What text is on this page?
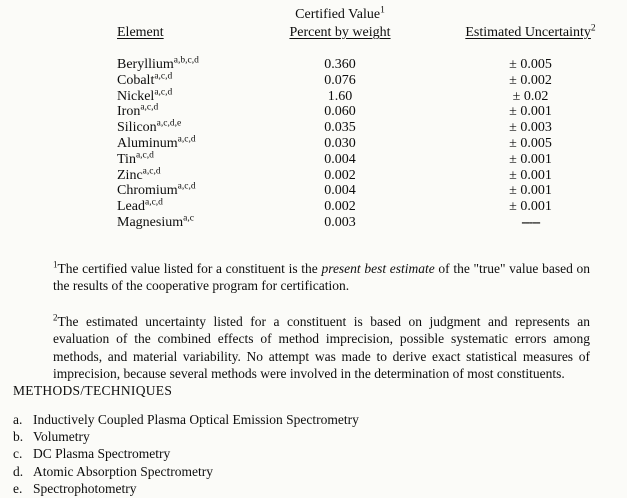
Certified Value$^1$
Element	Percent by weight	Estimated Uncertainty$^2$
Beryllium$^{a,b,c,d}$	0.360	± 0.005
Cobalt$^{a,c,d}$	0.076	± 0.002
Nickel$^{a,c,d}$	1.60	± 0.02
Iron$^{a,c,d}$	0.060	± 0.001
Silicon$^{a,c,d,e}$	0.035	± 0.003
Aluminum$^{a,c,d}$	0.030	± 0.005
Tin$^{a,c,d}$	0.004	± 0.001
Zinc$^{a,c,d}$	0.002	± 0.001
Chromium$^{a,c,d}$	0.004	± 0.001
Lead$^{a,c,d}$	0.002	± 0.001
Magnesium$^{a,c}$	0.003	-----

$^1$The certified value listed for a constituent is the present best estimate of the "true" value based on the results of the cooperative program for certification.

$^2$The estimated uncertainty listed for a constituent is based on judgment and represents an evaluation of the combined effects of method imprecision, possible systematic errors among methods, and material variability. No attempt was made to derive exact statistical measures of imprecision, because several methods were involved in the determination of most constituents.

METHODS/TECHNIQUES
a. Inductively Coupled Plasma Optical Emission Spectrometry
b. Volumetry
c. DC Plasma Spectrometry
d. Atomic Absorption Spectrometry
e. Spectrophotometry
